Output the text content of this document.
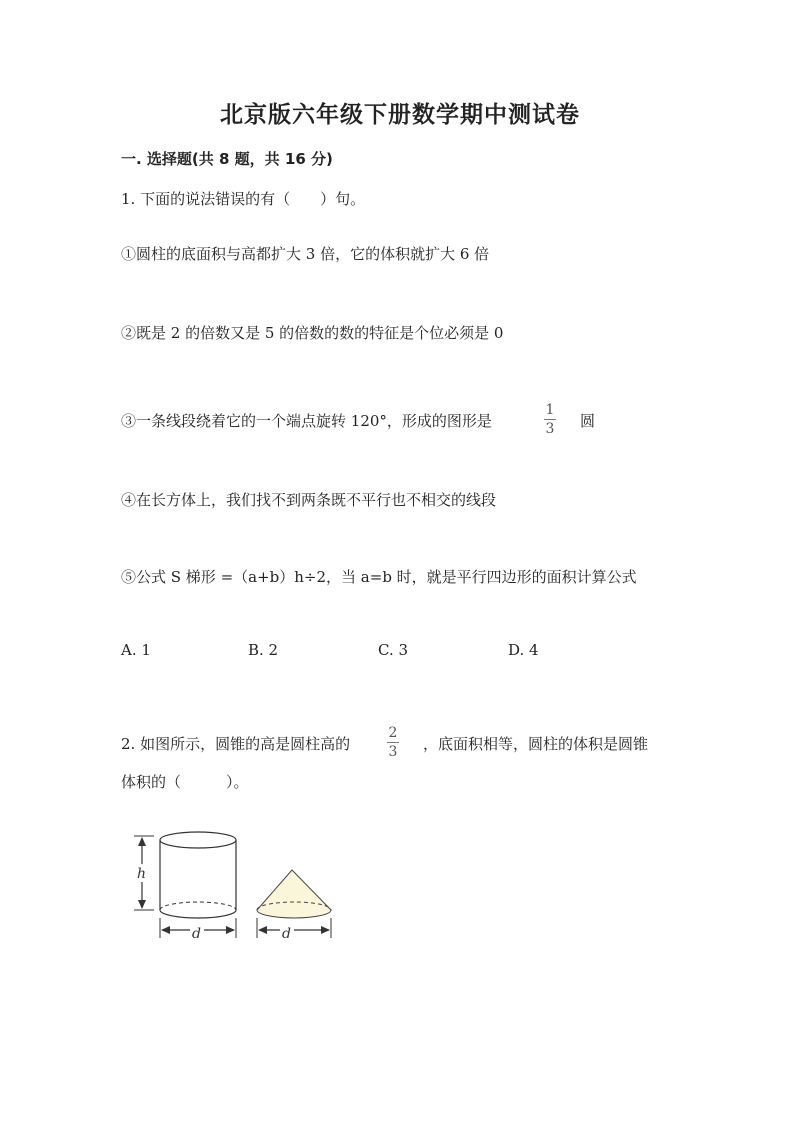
北京版六年级下册数学期中测试卷
一. 选择题(共 8 题，共 16 分)
1. 下面的说法错误的有（　　）句。
①圆柱的底面积与高都扩大 3 倍，它的体积就扩大 6 倍
②既是 2 的倍数又是 5 的倍数的数的特征是个位必须是 0
③一条线段绕着它的一个端点旋转 120°，形成的图形是
1
3 圆
④在长方体上，我们找不到两条既不平行也不相交的线段
⑤公式 S 梯形 =（a+b）h÷2，当 a=b 时，就是平行四边形的面积计算公式
A. 1	B. 2	C. 3	D. 4
2. 如图所示，圆锥的高是圆柱高的
2
3 ，底面积相等，圆柱的体积是圆锥
体积的（　　　）。
h
d	d
